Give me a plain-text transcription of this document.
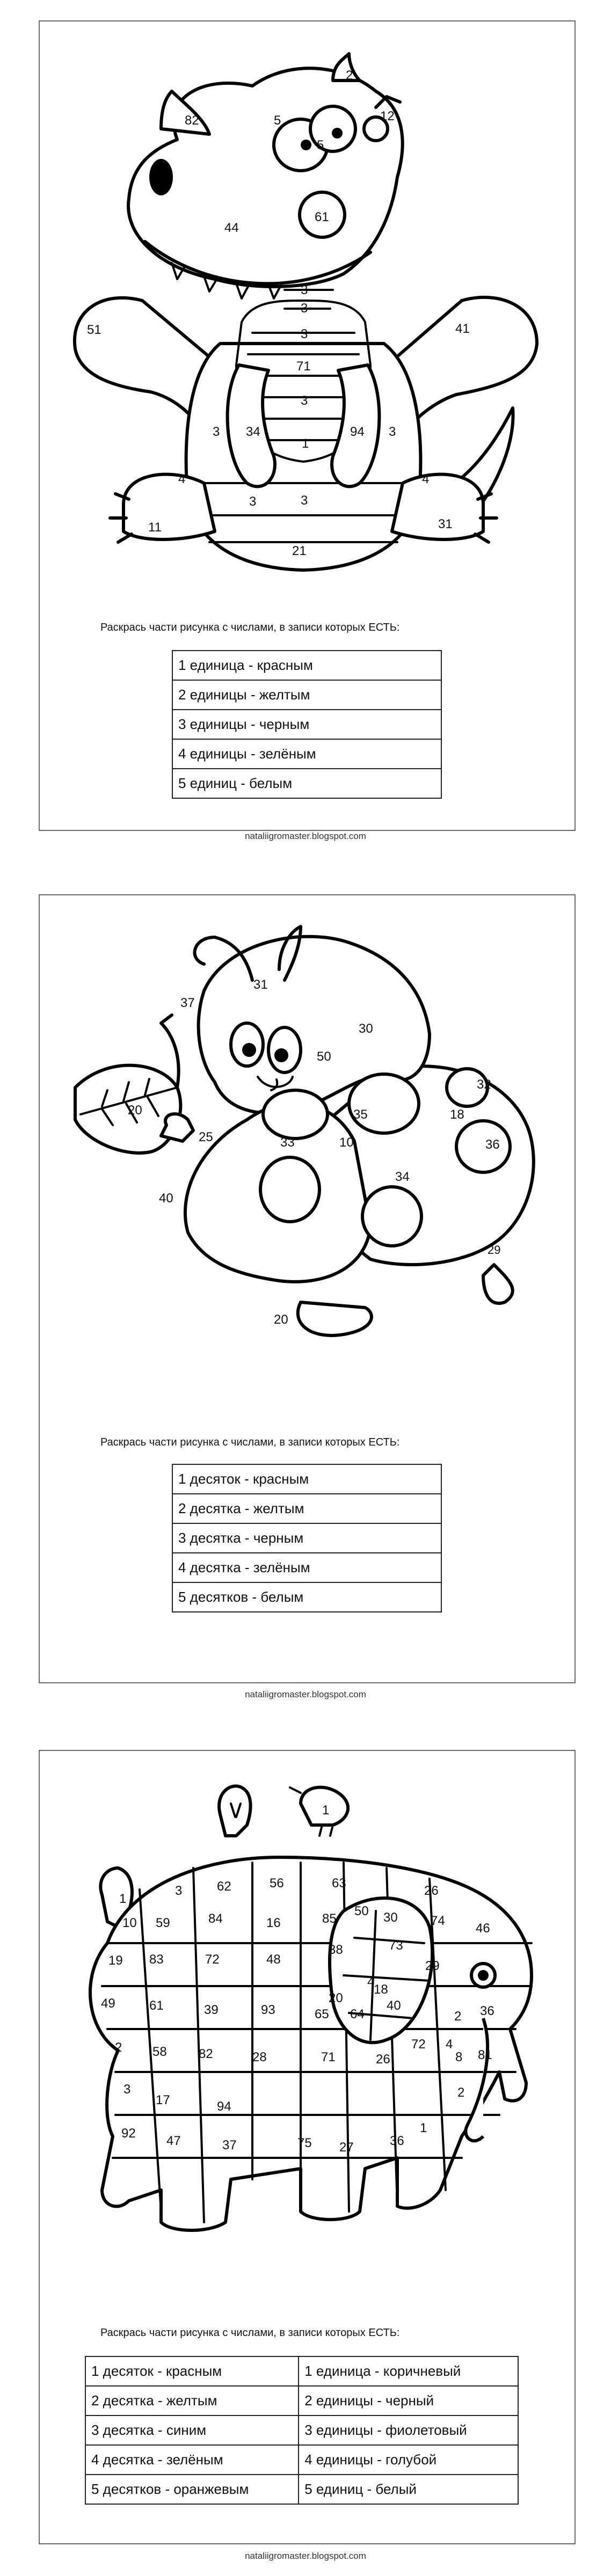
82
2
5
5
12
44
61
3
3
3
51	41
71
3
3 34	94 3
1
3
4	4
3
11	31
21
Раскрась части рисунка с числами, в записи которых ЕСТЬ:
1 единица - красным
2 единицы - желтым
3 единицы - черным
4 единицы - зелёным
5 единиц - белым
nataliigromaster.blogspot.com
31
37
30
50
32
20
25
35	18
36
33	10
40
34
20
29
Раскрась части рисунка с числами, в записи которых ЕСТЬ:
1 десяток - красным
2 десятка - желтым
3 десятка - черным
4 десятка - зелёным
5 десятков - белым
nataliigromaster.blogspot.com
1
1
3	62	56	63
26
10 59	84	16	85
50 30	74
46
19 83	72	48
38	73
29
4
20
18
49	61	39	93	65 64
40
2 36
2 58 82	28	71	26
72 4
8 81
3
17	94
2
92
47	37	75 27	36
1
Раскрась части рисунка с числами, в записи которых ЕСТЬ:
1 десяток - красным	1 единица - коричневый
2 десятка - желтым	2 единицы - черный
3 десятка - синим	3 единицы - фиолетовый
4 десятка - зелёным	4 единицы - голубой
5 десятков - оранжевым	5 единиц - белый
nataliigromaster.blogspot.com
